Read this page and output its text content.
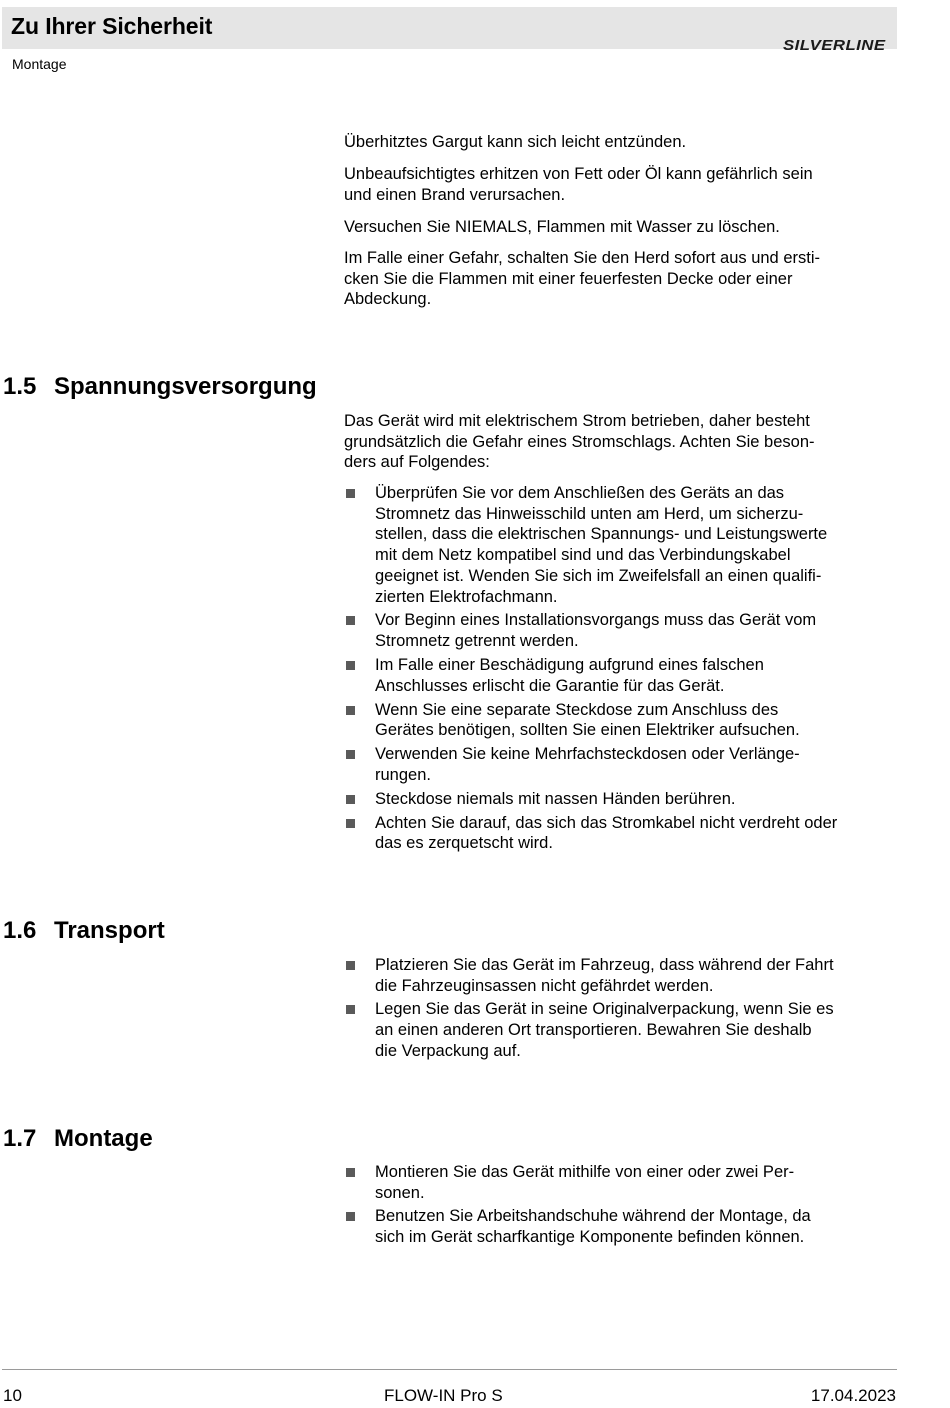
Zu Ihrer Sicherheit
Montage
SILVERLINE

Überhitztes Gargut kann sich leicht entzünden.

Unbeaufsichtigtes erhitzen von Fett oder Öl kann gefährlich sein
und einen Brand verursachen.

Versuchen Sie NIEMALS, Flammen mit Wasser zu löschen.

Im Falle einer Gefahr, schalten Sie den Herd sofort aus und ersti-
cken Sie die Flammen mit einer feuerfesten Decke oder einer
Abdeckung.
1.5 Spannungsversorgung
Das Gerät wird mit elektrischem Strom betrieben, daher besteht
grundsätzlich die Gefahr eines Stromschlags. Achten Sie beson-
ders auf Folgendes:
Überprüfen Sie vor dem Anschließen des Geräts an das
Stromnetz das Hinweisschild unten am Herd, um sicherzu-
stellen, dass die elektrischen Spannungs- und Leistungswerte
mit dem Netz kompatibel sind und das Verbindungskabel
geeignet ist. Wenden Sie sich im Zweifelsfall an einen qualifi-
zierten Elektrofachmann.
Vor Beginn eines Installationsvorgangs muss das Gerät vom
Stromnetz getrennt werden.
Im Falle einer Beschädigung aufgrund eines falschen
Anschlusses erlischt die Garantie für das Gerät.
Wenn Sie eine separate Steckdose zum Anschluss des
Gerätes benötigen, sollten Sie einen Elektriker aufsuchen.
Verwenden Sie keine Mehrfachsteckdosen oder Verlänge-
rungen.
Steckdose niemals mit nassen Händen berühren.
Achten Sie darauf, das sich das Stromkabel nicht verdreht oder
das es zerquetscht wird.
1.6 Transport
Platzieren Sie das Gerät im Fahrzeug, dass während der Fahrt
die Fahrzeuginsassen nicht gefährdet werden.
Legen Sie das Gerät in seine Originalverpackung, wenn Sie es
an einen anderen Ort transportieren. Bewahren Sie deshalb
die Verpackung auf.
1.7 Montage
Montieren Sie das Gerät mithilfe von einer oder zwei Per-
sonen.
Benutzen Sie Arbeitshandschuhe während der Montage, da
sich im Gerät scharfkantige Komponente befinden können.
10	FLOW-IN Pro S	17.04.2023
